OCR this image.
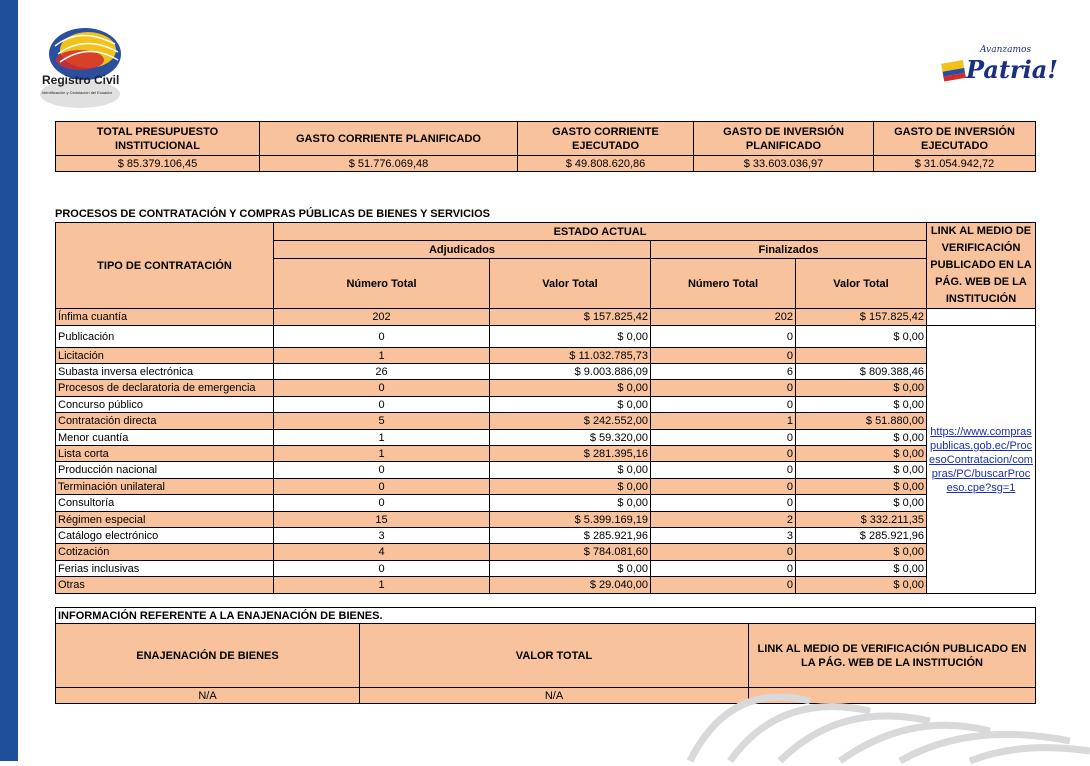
Registro Civil
Identificación y Cedulación del Ecuador
Avanzamos
Patria!
TOTAL PRESUPUESTO INSTITUCIONAL	GASTO CORRIENTE PLANIFICADO	GASTO CORRIENTE EJECUTADO	GASTO DE INVERSIÓN PLANIFICADO	GASTO DE INVERSIÓN EJECUTADO
$ 85.379.106,45	$ 51.776.069,48	$ 49.808.620,86	$ 33.603.036,97	$ 31.054.942,72
PROCESOS DE CONTRATACIÓN Y COMPRAS PÚBLICAS DE BIENES Y SERVICIOS
TIPO DE CONTRATACIÓN	ESTADO ACTUAL				LINK AL MEDIO DE VERIFICACIÓN PUBLICADO EN LA PÁG. WEB DE LA INSTITUCIÓN
	Adjudicados		Finalizados		
	Número Total	Valor Total	Número Total	Valor Total	
Ínfima cuantía	202	$ 157.825,42	202	$ 157.825,42	
Publicación	0	$ 0,00	0	$ 0,00	https://www.compraspublicas.gob.ec/ProcesoContratacion/compras/PC/buscarProceso.cpe?sg=1
Licitación	1	$ 11.032.785,73	0		
Subasta inversa electrónica	26	$ 9.003.886,09	6	$ 809.388,46	
Procesos de declaratoria de emergencia	0	$ 0,00	0	$ 0,00	
Concurso público	0	$ 0,00	0	$ 0,00	
Contratación directa	5	$ 242.552,00	1	$ 51.880,00	
Menor cuantía	1	$ 59.320,00	0	$ 0,00	
Lista corta	1	$ 281.395,16	0	$ 0,00	
Producción nacional	0	$ 0,00	0	$ 0,00	
Terminación unilateral	0	$ 0,00	0	$ 0,00	
Consultoría	0	$ 0,00	0	$ 0,00	
Régimen especial	15	$ 5.399.169,19	2	$ 332.211,35	
Catálogo electrónico	3	$ 285.921,96	3	$ 285.921,96	
Cotización	4	$ 784.081,60	0	$ 0,00	
Ferias inclusivas	0	$ 0,00	0	$ 0,00	
Otras	1	$ 29.040,00	0	$ 0,00	
INFORMACIÓN REFERENTE A LA ENAJENACIÓN DE BIENES.		
ENAJENACIÓN DE BIENES	VALOR TOTAL	LINK AL MEDIO DE VERIFICACIÓN PUBLICADO EN LA PÁG. WEB DE LA INSTITUCIÓN
N/A	N/A	
